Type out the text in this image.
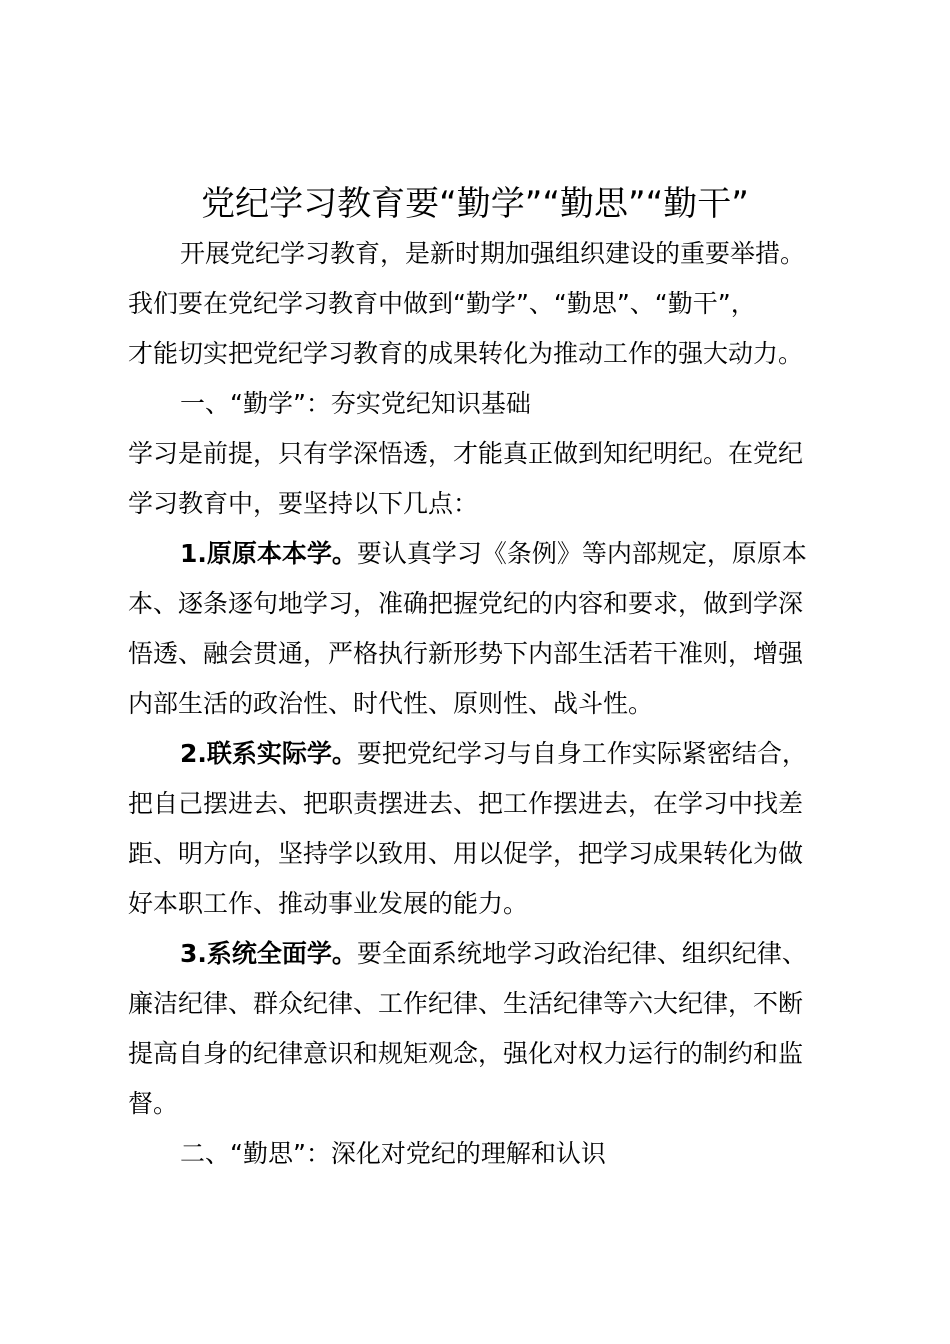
党纪学习教育要“勤学”“勤思”“勤干”

开展党纪学习教育，是新时期加强组织建设的重要举措。

我们要在党纪学习教育中做到“勤学”、“勤思”、“勤干”，

才能切实把党纪学习教育的成果转化为推动工作的强大动力。

一、“勤学”：夯实党纪知识基础

学习是前提，只有学深悟透，才能真正做到知纪明纪。在党纪

学习教育中，要坚持以下几点：

1.原原本本学。要认真学习《条例》等内部规定，原原本

本、逐条逐句地学习，准确把握党纪的内容和要求，做到学深

悟透、融会贯通，严格执行新形势下内部生活若干准则，增强

内部生活的政治性、时代性、原则性、战斗性。

2.联系实际学。要把党纪学习与自身工作实际紧密结合，

把自己摆进去、把职责摆进去、把工作摆进去，在学习中找差

距、明方向，坚持学以致用、用以促学，把学习成果转化为做

好本职工作、推动事业发展的能力。

3.系统全面学。要全面系统地学习政治纪律、组织纪律、

廉洁纪律、群众纪律、工作纪律、生活纪律等六大纪律，不断

提高自身的纪律意识和规矩观念，强化对权力运行的制约和监

督。

二、“勤思”：深化对党纪的理解和认识
